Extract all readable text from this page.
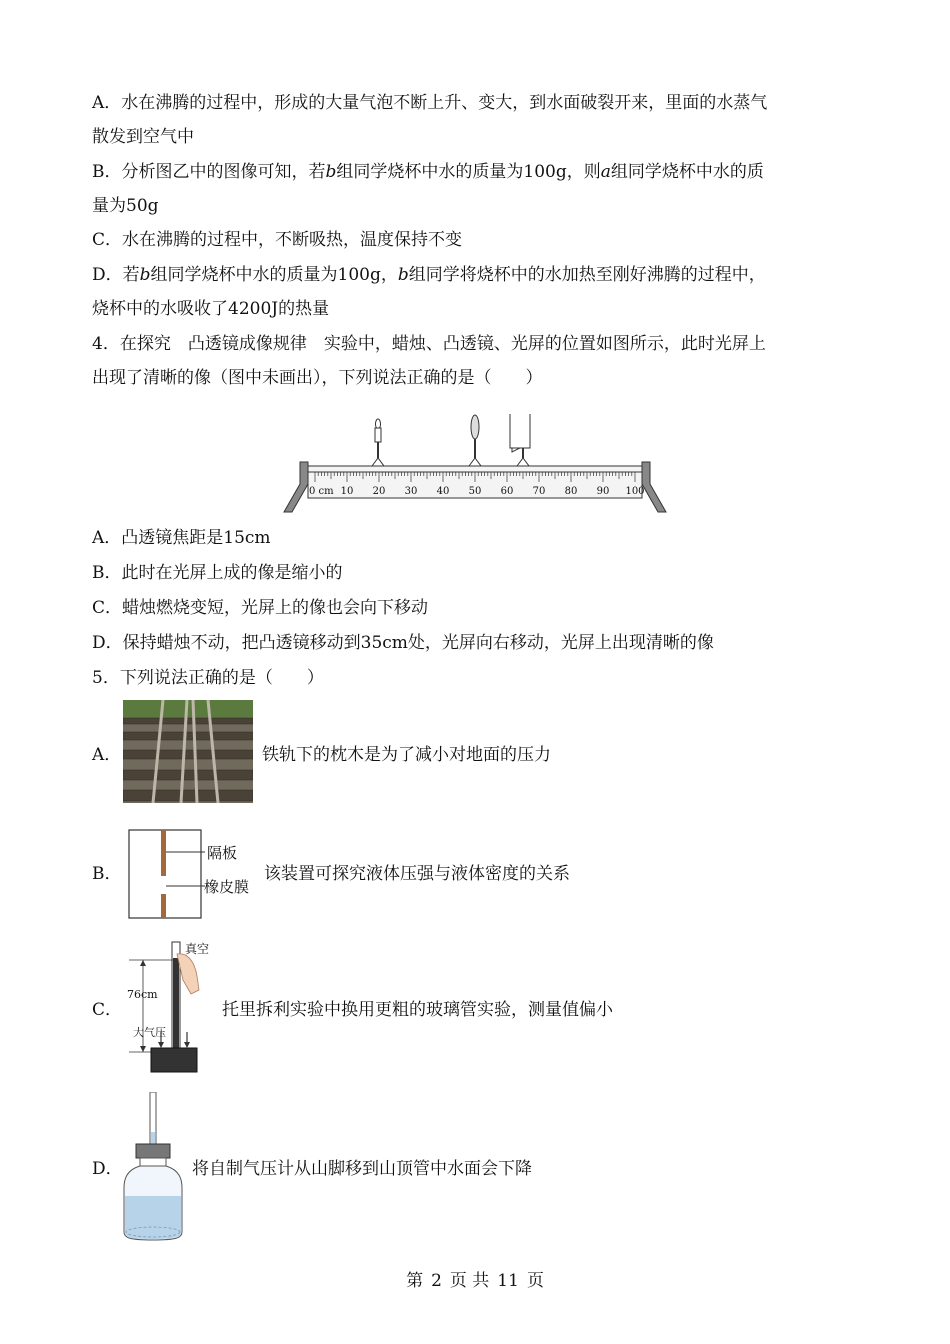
A．水在沸腾的过程中，形成的大量气泡不断上升、变大，到水面破裂开来，里面的水蒸气
散发到空气中
B．分析图乙中的图像可知，若b组同学烧杯中水的质量为100g，则a组同学烧杯中水的质
量为50g
C．水在沸腾的过程中，不断吸热，温度保持不变
D．若b组同学烧杯中水的质量为100g，b组同学将烧杯中的水加热至刚好沸腾的过程中，
烧杯中的水吸收了4200J的热量
4．在探究　凸透镜成像规律　实验中，蜡烛、凸透镜、光屏的位置如图所示，此时光屏上
出现了清晰的像（图中未画出），下列说法正确的是（　　）
0 cm 10 20 30 40 50 60 70 80 90 100
A．凸透镜焦距是15cm
B．此时在光屏上成的像是缩小的
C．蜡烛燃烧变短，光屏上的像也会向下移动
D．保持蜡烛不动，把凸透镜移动到35cm处，光屏向右移动，光屏上出现清晰的像
5．下列说法正确的是（　　）
A．	铁轨下的枕木是为了减小对地面的压力
B．
隔板
橡皮膜
该装置可探究液体压强与液体密度的关系
C．
真空
76cm
大气压
托里拆利实验中换用更粗的玻璃管实验，测量值偏小
D．	将自制气压计从山脚移到山顶管中水面会下降
第 2 页 共 11 页
